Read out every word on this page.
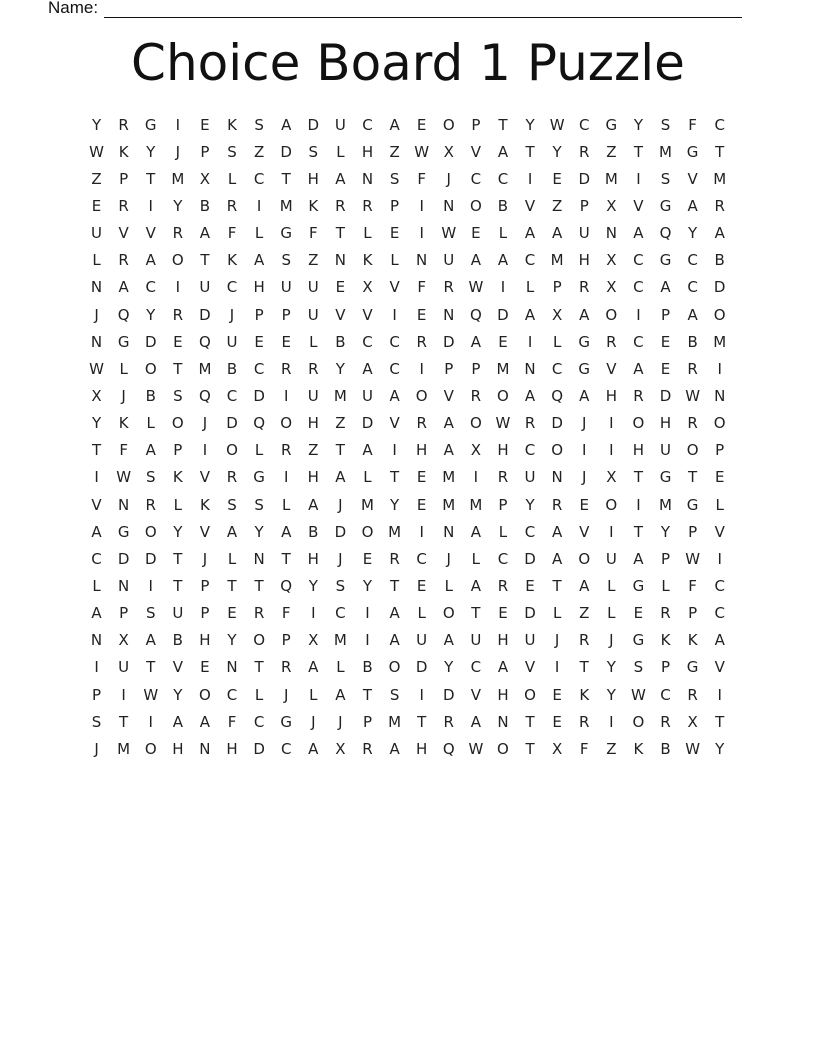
Name:
Choice Board 1 Puzzle
Y	R	G	I	E	K	S	A	D	U	C	A	E	O	P	T	Y	W	C	G	Y	S	F	C
W	K	Y	J	P	S	Z	D	S	L	H	Z	W	X	V	A	T	Y	R	Z	T	M	G	T
Z	P	T	M	X	L	C	T	H	A	N	S	F	J	C	C	I	E	D	M	I	S	V	M
E	R	I	Y	B	R	I	M	K	R	R	P	I	N	O	B	V	Z	P	X	V	G	A	R
U	V	V	R	A	F	L	G	F	T	L	E	I	W	E	L	A	A	U	N	A	Q	Y	A
L	R	A	O	T	K	A	S	Z	N	K	L	N	U	A	A	C	M	H	X	C	G	C	B
N	A	C	I	U	C	H	U	U	E	X	V	F	R	W	I	L	P	R	X	C	A	C	D
J	Q	Y	R	D	J	P	P	U	V	V	I	E	N	Q	D	A	X	A	O	I	P	A	O
N	G	D	E	Q	U	E	E	L	B	C	C	R	D	A	E	I	L	G	R	C	E	B	M
W	L	O	T	M	B	C	R	R	Y	A	C	I	P	P	M	N	C	G	V	A	E	R	I
X	J	B	S	Q	C	D	I	U	M	U	A	O	V	R	O	A	Q	A	H	R	D	W	N
Y	K	L	O	J	D	Q	O	H	Z	D	V	R	A	O	W	R	D	J	I	O	H	R	O
T	F	A	P	I	O	L	R	Z	T	A	I	H	A	X	H	C	O	I	I	H	U	O	P
I	W	S	K	V	R	G	I	H	A	L	T	E	M	I	R	U	N	J	X	T	G	T	E
V	N	R	L	K	S	S	L	A	J	M	Y	E	M	M	P	Y	R	E	O	I	M	G	L
A	G	O	Y	V	A	Y	A	B	D	O	M	I	N	A	L	C	A	V	I	T	Y	P	V
C	D	D	T	J	L	N	T	H	J	E	R	C	J	L	C	D	A	O	U	A	P	W	I
L	N	I	T	P	T	T	Q	Y	S	Y	T	E	L	A	R	E	T	A	L	G	L	F	C
A	P	S	U	P	E	R	F	I	C	I	A	L	O	T	E	D	L	Z	L	E	R	P	C
N	X	A	B	H	Y	O	P	X	M	I	A	U	A	U	H	U	J	R	J	G	K	K	A
I	U	T	V	E	N	T	R	A	L	B	O	D	Y	C	A	V	I	T	Y	S	P	G	V
P	I	W	Y	O	C	L	J	L	A	T	S	I	D	V	H	O	E	K	Y	W	C	R	I
S	T	I	A	A	F	C	G	J	J	P	M	T	R	A	N	T	E	R	I	O	R	X	T
J	M	O	H	N	H	D	C	A	X	R	A	H	Q	W	O	T	X	F	Z	K	B	W	Y
